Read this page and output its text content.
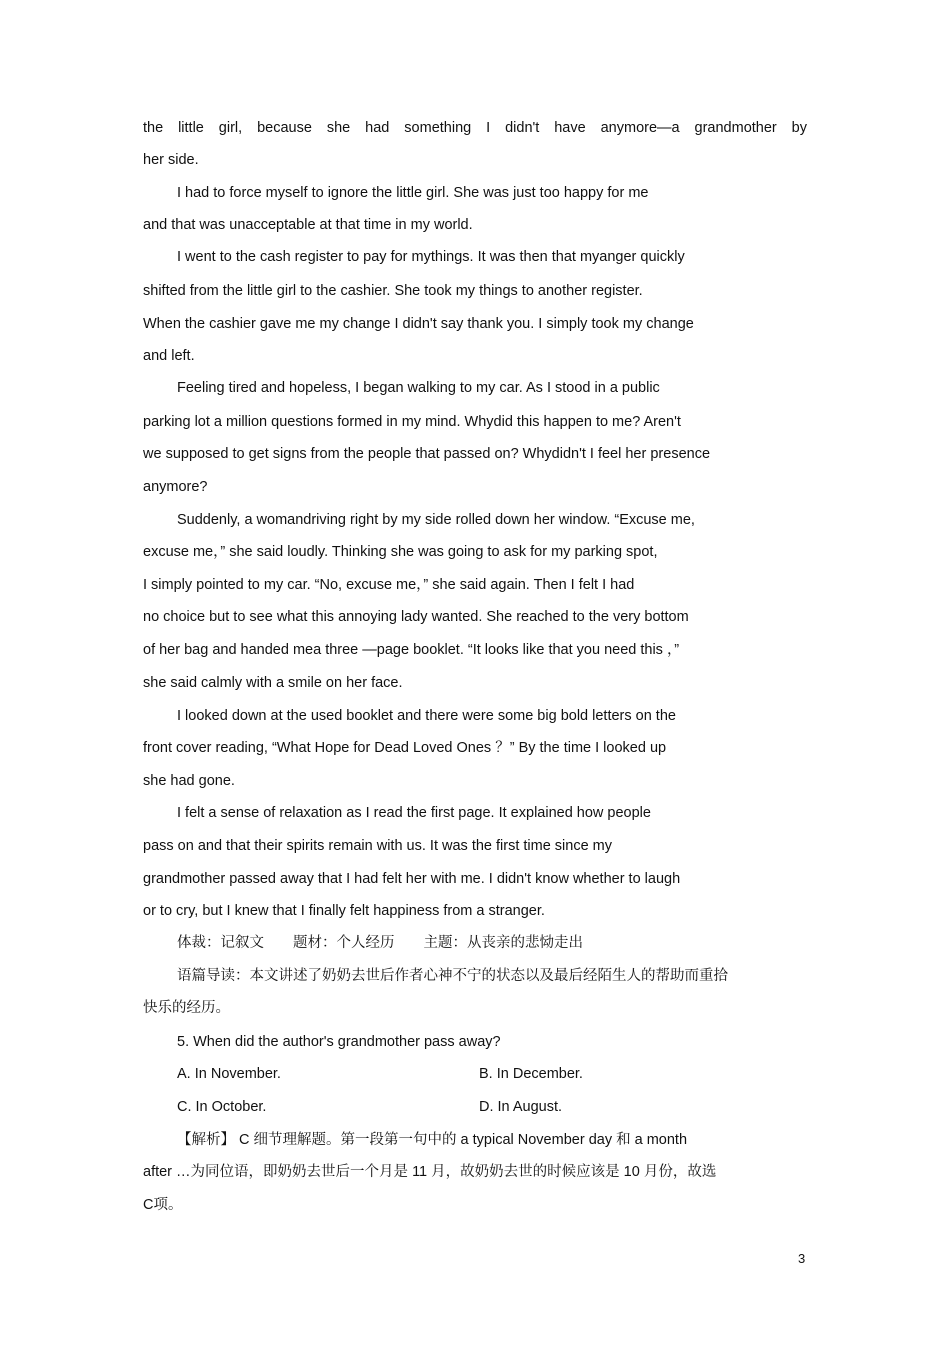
the little girl, because she had something I didn't have anymore—a grandmother by
her side.
I had to force myself to ignore the little girl. She was just too happy for me
and that was unacceptable at that time in my world.
I went to the cash register to pay for mythings. It was then that myanger quickly
shifted from the little girl to the cashier. She took my things to another register.
When the cashier gave me my change I didn't say thank you. I simply took my change
and left.
Feeling tired and hopeless, I began walking to my car. As I stood in a public
parking lot a million questions formed in my mind. Whydid this happen to me? Aren't
we supposed to get signs from the people that passed on? Whydidn't I feel her presence
anymore?
Suddenly, a womandriving right by my side rolled down her window. “Excuse me,
excuse me，” she said loudly. Thinking she was going to ask for my parking spot,
I simply pointed to my car. “No, excuse me，” she said again. Then I felt I had
no choice but to see what this annoying lady wanted. She reached to the very bottom
of her bag and handed mea three —page booklet. “It looks like that you need this ，”
she said calmly with a smile on her face.
I looked down at the used booklet and there were some big bold letters on the
front cover reading, “What Hope for Dead Loved Ones ？” By the time I looked up
she had gone.
I felt a sense of relaxation as I read the first page. It explained how people
pass on and that their spirits remain with us. It was the first time since my
grandmother passed away that I had felt her with me. I didn't know whether to laugh
or to cry, but I knew that I finally felt happiness from a stranger.
体裁：记叙文　　题材：个人经历　　主题：从丧亲的悲恸走出
语篇导读：本文讲述了奶奶去世后作者心神不宁的状态以及最后经陌生人的帮助而重拾
快乐的经历。
5. When did the author's grandmother pass away?
A. In November.	B. In December.
C. In October.	D. In August.
【解析】 C 细节理解题。第一段第一句中的 a typical November day 和 a month
after …为同位语，即奶奶去世后一个月是 11 月，故奶奶去世的时候应该是 10 月份，故选
C项。
3
